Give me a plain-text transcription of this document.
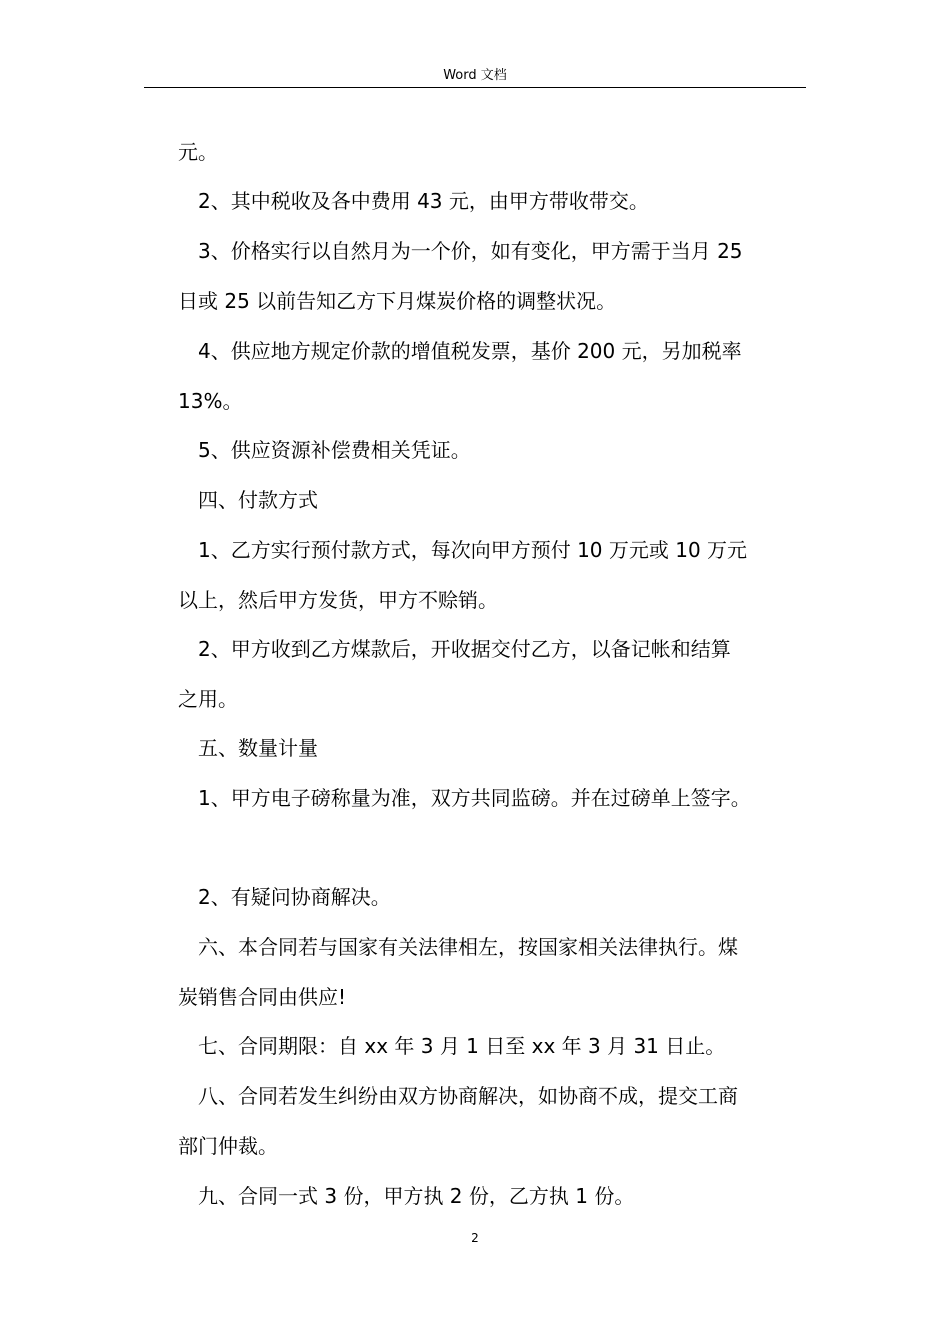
Word 文档
元。
2、其中税收及各中费用 43 元，由甲方带收带交。
3、价格实行以自然月为一个价，如有变化，甲方需于当月 25
日或 25 以前告知乙方下月煤炭价格的调整状况。
4、供应地方规定价款的增值税发票，基价 200 元，另加税率
13%。
5、供应资源补偿费相关凭证。
四、付款方式
1、乙方实行预付款方式，每次向甲方预付 10 万元或 10 万元
以上，然后甲方发货，甲方不赊销。
2、甲方收到乙方煤款后，开收据交付乙方，以备记帐和结算
之用。
五、数量计量
1、甲方电子磅称量为准，双方共同监磅。并在过磅单上签字。
2、有疑问协商解决。
六、本合同若与国家有关法律相左，按国家相关法律执行。煤
炭销售合同由供应!
七、合同期限：自 xx 年 3 月 1 日至 xx 年 3 月 31 日止。
八、合同若发生纠纷由双方协商解决，如协商不成，提交工商
部门仲裁。
九、合同一式 3 份，甲方执 2 份，乙方执 1 份。
2
